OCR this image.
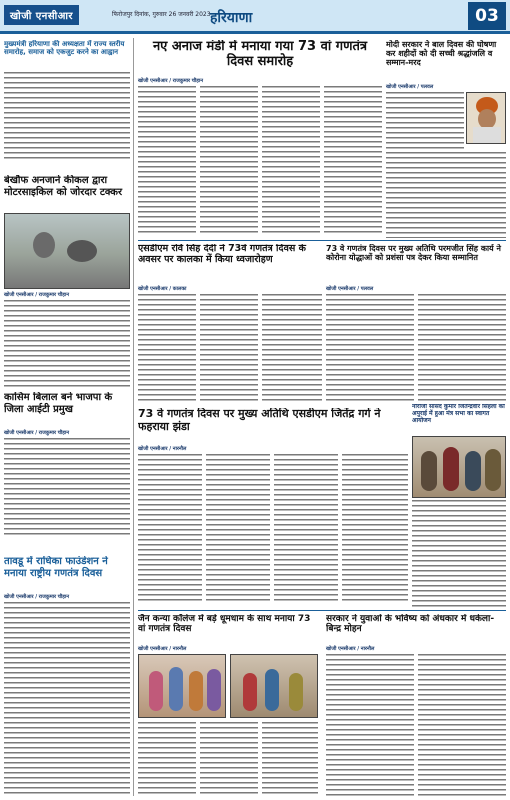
खोजी एनसीआर	फिरोजपुर दिनांक, गुरुवार 26 जनवरी 2023 हरियाणा	03
मुख्यमंत्री हरियाणा की अध्यक्षता में राज्य स्तरीय समारोह, समाज को एकजुट करने का आह्वान
बेखौफ अनजाने कीकल द्वारा मोटरसाइकिल को जोरदार टक्कर
खोजी एनसीआर / राजकुमार चौहान
कासिम बिलाल बने भाजपा के जिला आईटी प्रमुख
खोजी एनसीआर / राजकुमार चौहान
तावडू में राधिका फाउंडेशन ने मनाया राष्ट्रीय गणतंत्र दिवस
खोजी एनसीआर / राजकुमार चौहान
नए अनाज मंडी में मनाया गया 73 वां गणतंत्र दिवस समारोह
खोजी एनसीआर / राजकुमार चौहान
मोदी सरकार ने बाल दिवस की घोषणा कर शहीदों को दी सच्ची श्रद्धांजलि व सम्मान-मरद
खोजी एनसीआर / पलवल
एसडीएम रवि सिंह देदी ने 73वें गणतंत्र दिवस के अवसर पर कालका में किया ध्वजारोहण
खोजी एनसीआर / कालका
73 वे गणतंत्र दिवस पर मुख्य अतिथि परमजीत सिंह कार्य ने कोरोना योद्धाओं को प्रशंसा पत्र देकर किया सम्मानित
खोजी एनसीआर / पलवल
नौरोजी सांसद कुमार जितेन्द्रवीर सिंहला को अपुराई में हुआ मंत्र सभा का स्वागत आयोजन
73 वे गणतंत्र दिवस पर मुख्य अतिथि एसडीएम जितेंद्र गर्ग ने फहराया झंडा
खोजी एनसीआर / नारनौल
जैन कन्या कॉलेज में बड़े धूमधाम के साथ मनाया 73 वां गणतंत्र दिवस
सरकार ने युवाओं के भविष्य को अंधकार में धकेला-बिन्द्र मोहन
खोजी एनसीआर / नारनौल	खोजी एनसीआर / नारनौल
